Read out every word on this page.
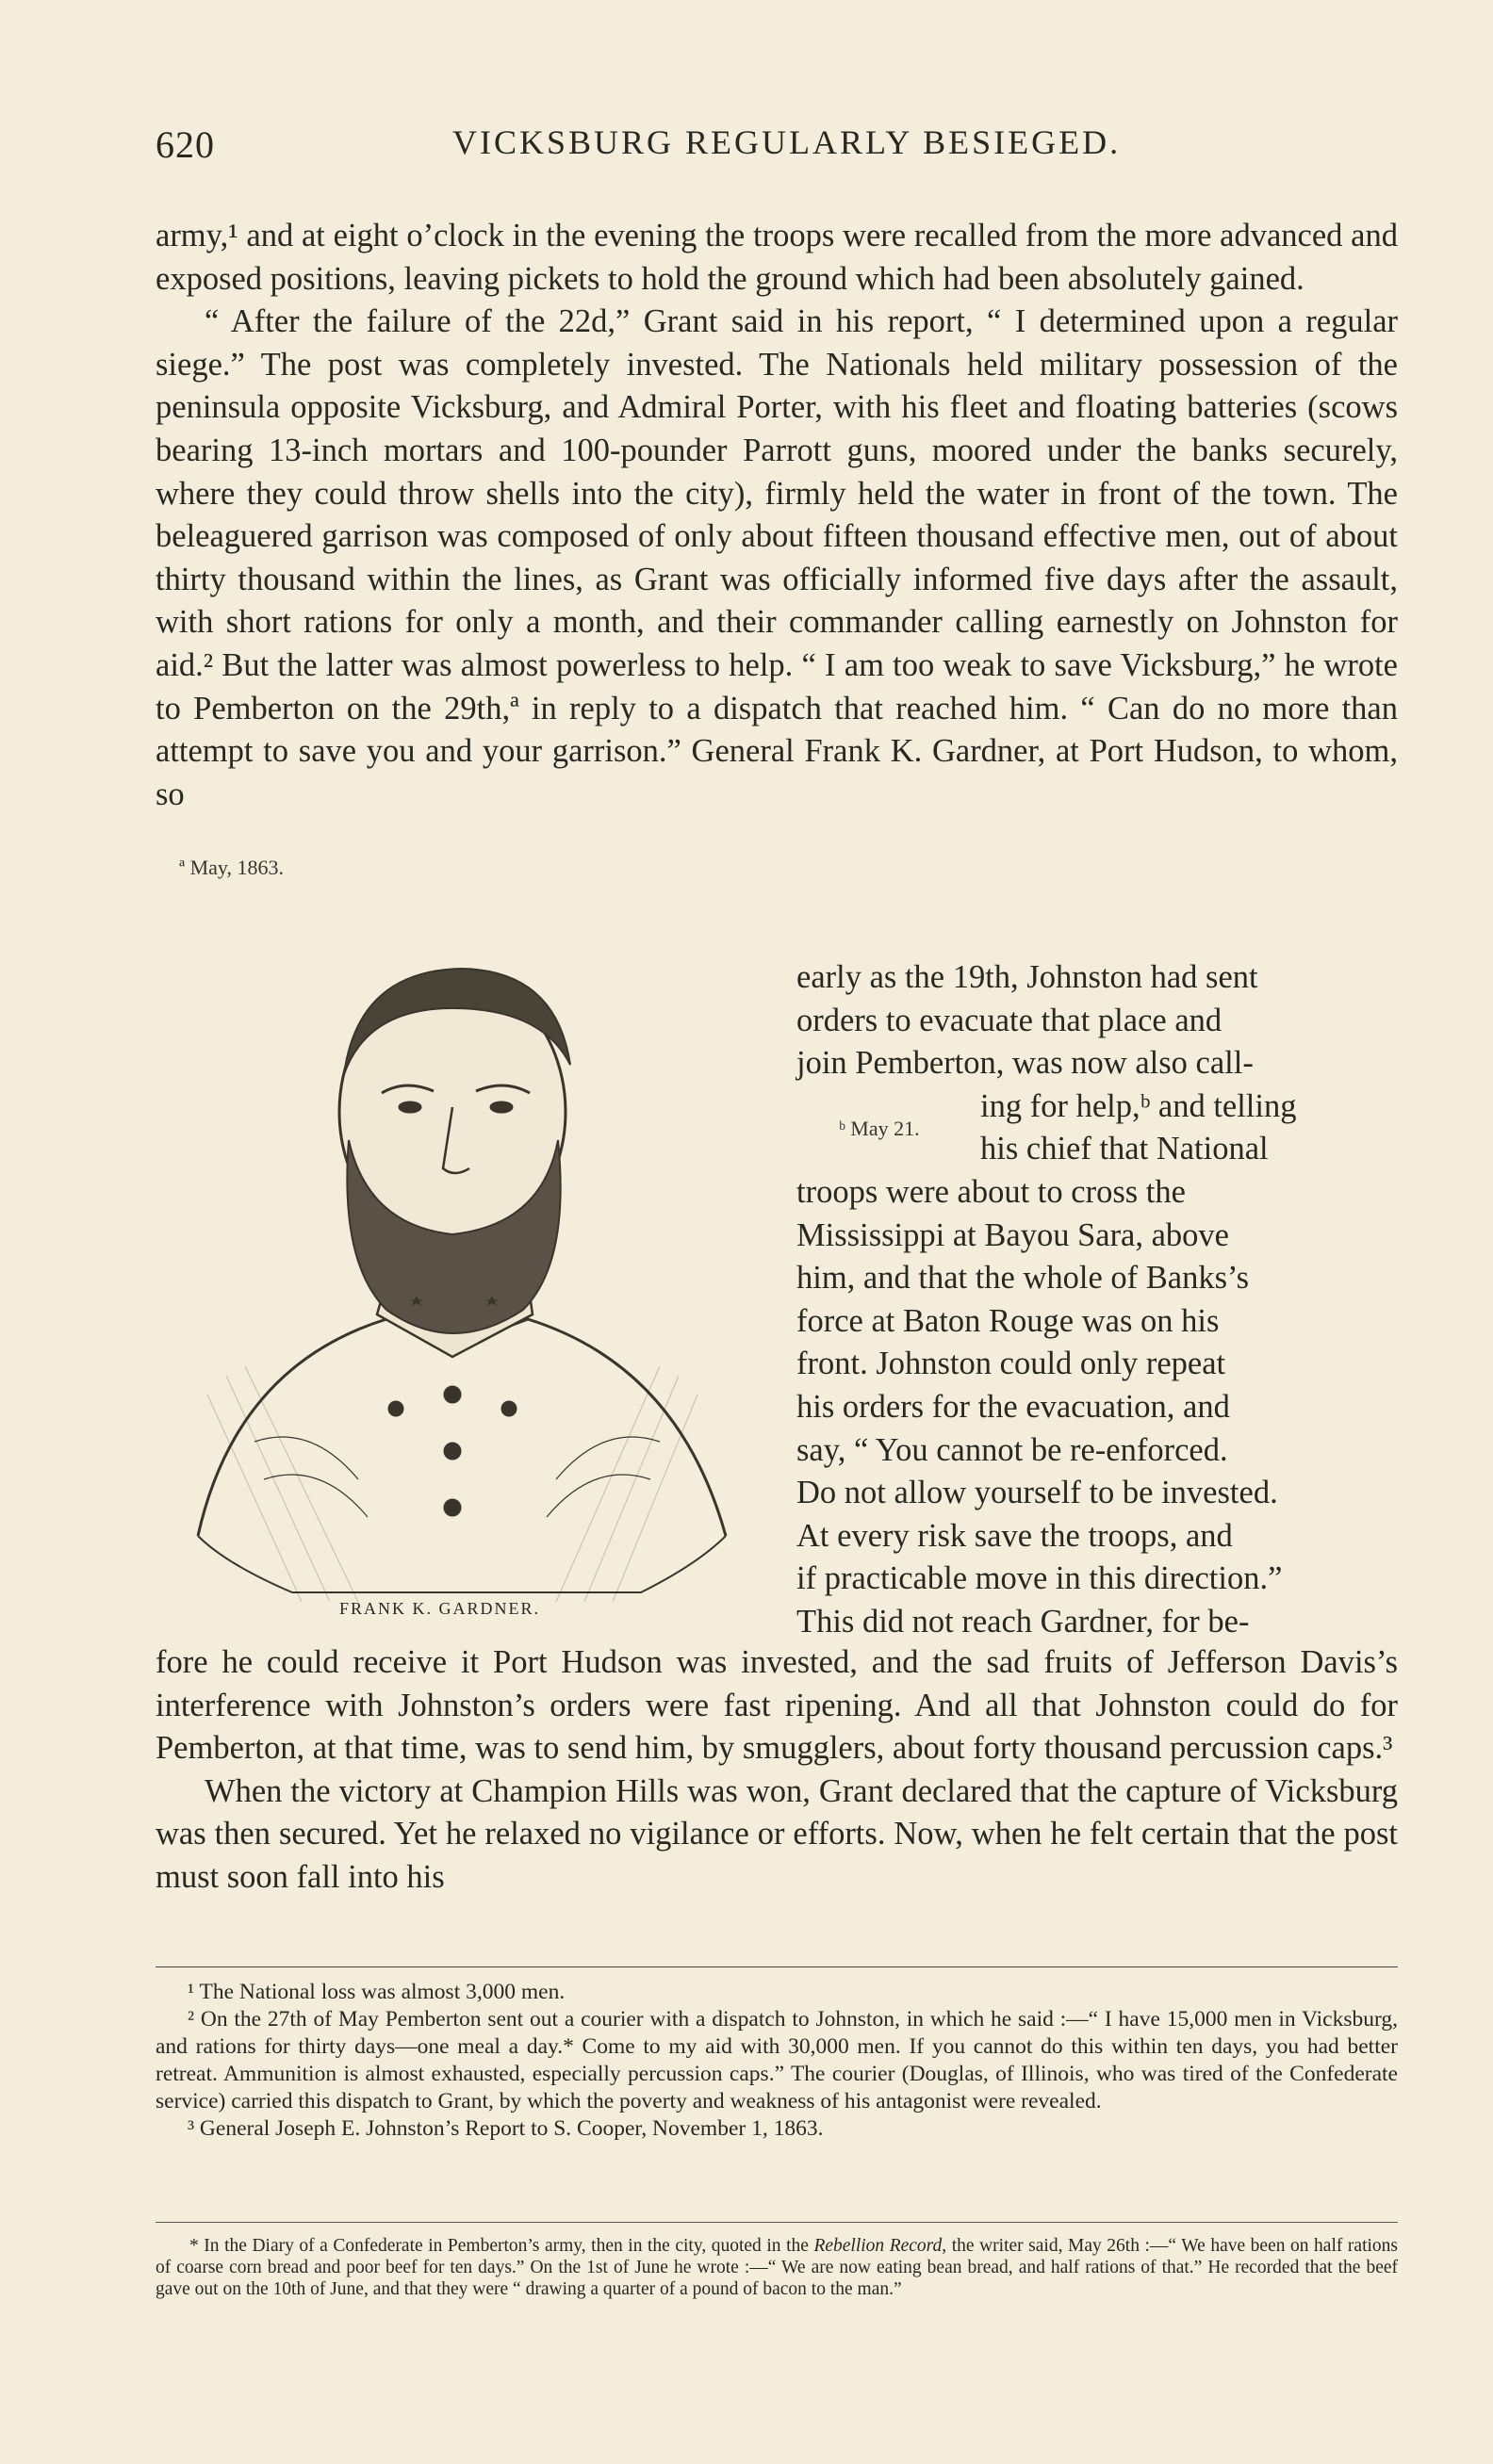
620	VICKSBURG REGULARLY BESIEGED.

army,¹ and at eight o’clock in the evening the troops were recalled from the more advanced and exposed positions, leaving pickets to hold the ground which had been absolutely gained.

“ After the failure of the 22d,” Grant said in his report, “ I determined upon a regular siege.” The post was completely invested. The Nationals held military possession of the peninsula opposite Vicksburg, and Admiral Porter, with his fleet and floating batteries (scows bearing 13-inch mortars and 100-pounder Parrott guns, moored under the banks securely, where they could throw shells into the city), firmly held the water in front of the town. The beleaguered garrison was composed of only about fifteen thousand effective men, out of about thirty thousand within the lines, as Grant was officially informed five days after the assault, with short rations for only a month, and their commander calling earnestly on Johnston for aid.² But the latter was almost powerless to help. “ I am too weak to save Vicksburg,” he wrote to Pemberton on the 29th,ª in reply to a dispatch that reached him. “ Can do no more than attempt to save you and your garrison.” General Frank K. Gardner, at Port Hudson, to whom, so

ª May, 1863.
FRANK K. GARDNER.
early as the 19th, Johnston had sent
orders to evacuate that place and
join Pemberton, was now also call-
ing for help,ᵇ and telling
his chief that National
troops were about to cross the
Mississippi at Bayou Sara, above
him, and that the whole of Banks’s
force at Baton Rouge was on his
front. Johnston could only repeat
his orders for the evacuation, and
say, “ You cannot be re-enforced.
Do not allow yourself to be invested.
At every risk save the troops, and
if practicable move in this direction.”
This did not reach Gardner, for be-
ᵇ May 21.

fore he could receive it Port Hudson was invested, and the sad fruits of Jefferson Davis’s interference with Johnston’s orders were fast ripening. And all that Johnston could do for Pemberton, at that time, was to send him, by smugglers, about forty thousand percussion caps.³

When the victory at Champion Hills was won, Grant declared that the capture of Vicksburg was then secured. Yet he relaxed no vigilance or efforts. Now, when he felt certain that the post must soon fall into his

¹ The National loss was almost 3,000 men.

² On the 27th of May Pemberton sent out a courier with a dispatch to Johnston, in which he said :—“ I have 15,000 men in Vicksburg, and rations for thirty days—one meal a day.* Come to my aid with 30,000 men. If you cannot do this within ten days, you had better retreat. Ammunition is almost exhausted, especially percussion caps.” The courier (Douglas, of Illinois, who was tired of the Confederate service) carried this dispatch to Grant, by which the poverty and weakness of his antagonist were revealed.

³ General Joseph E. Johnston’s Report to S. Cooper, November 1, 1863.

* In the Diary of a Confederate in Pemberton’s army, then in the city, quoted in the Rebellion Record, the writer said, May 26th :—“ We have been on half rations of coarse corn bread and poor beef for ten days.” On the 1st of June he wrote :—“ We are now eating bean bread, and half rations of that.” He recorded that the beef gave out on the 10th of June, and that they were “ drawing a quarter of a pound of bacon to the man.”
